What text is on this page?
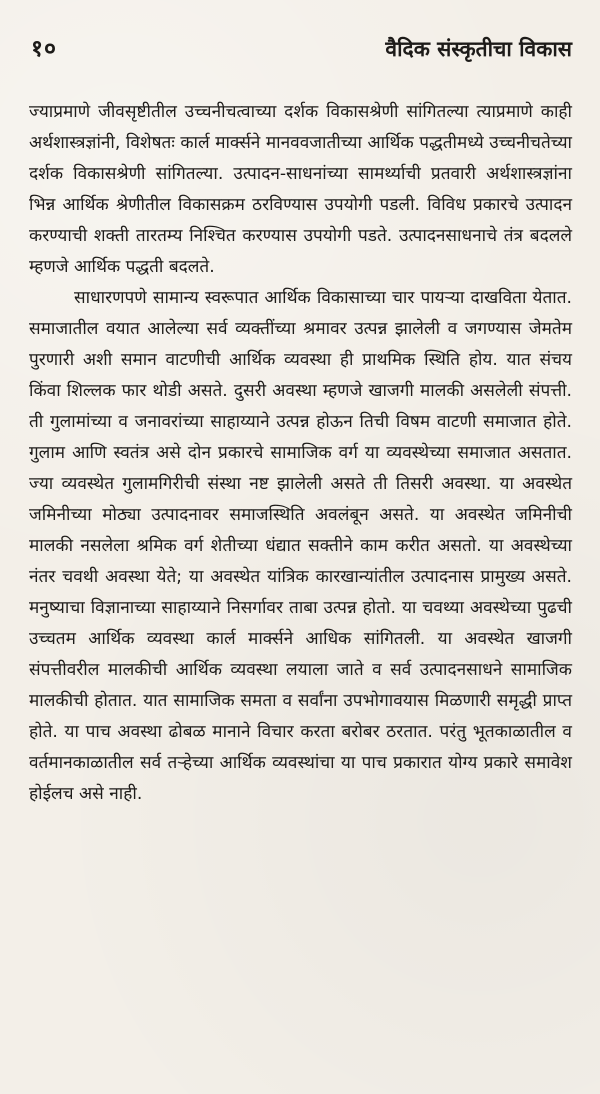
१०	वैदिक संस्कृतीचा विकास

ज्याप्रमाणे जीवसृष्टीतील उच्चनीचत्वाच्या दर्शक विकासश्रेणी सांगितल्या त्याप्रमाणे काही अर्थशास्त्रज्ञांनी, विशेषतः कार्ल मार्क्सने मानववजातीच्या आर्थिक पद्धतीमध्ये उच्चनीचतेच्या दर्शक विकासश्रेणी सांगितल्या. उत्पादन-साधनांच्या सामर्थ्याची प्रतवारी अर्थशास्त्रज्ञांना भिन्न आर्थिक श्रेणीतील विकासक्रम ठरविण्यास उपयोगी पडली. विविध प्रकारचे उत्पादन करण्याची शक्ती तारतम्य निश्चित करण्यास उपयोगी पडते. उत्पादनसाधनाचे तंत्र बदलले म्हणजे आर्थिक पद्धती बदलते.

साधारणपणे सामान्य स्वरूपात आर्थिक विकासाच्या चार पायऱ्या दाखविता येतात. समाजातील वयात आलेल्या सर्व व्यक्तींच्या श्रमावर उत्पन्न झालेली व जगण्यास जेमतेम पुरणारी अशी समान वाटणीची आर्थिक व्यवस्था ही प्राथमिक स्थिति होय. यात संचय किंवा शिल्लक फार थोडी असते. दुसरी अवस्था म्हणजे खाजगी मालकी असलेली संपत्ती. ती गुलामांच्या व जनावरांच्या साहाय्याने उत्पन्न होऊन तिची विषम वाटणी समाजात होते. गुलाम आणि स्वतंत्र असे दोन प्रकारचे सामाजिक वर्ग या व्यवस्थेच्या समाजात असतात. ज्या व्यवस्थेत गुलामगिरीची संस्था नष्ट झालेली असते ती तिसरी अवस्था. या अवस्थेत जमिनीच्या मोठ्या उत्पादनावर समाजस्थिति अवलंबून असते. या अवस्थेत जमिनीची मालकी नसलेला श्रमिक वर्ग शेतीच्या धंद्यात सक्तीने काम करीत असतो. या अवस्थेच्या नंतर चवथी अवस्था येते; या अवस्थेत यांत्रिक कारखान्यांतील उत्पादनास प्रामुख्य असते. मनुष्याचा विज्ञानाच्या साहाय्याने निसर्गावर ताबा उत्पन्न होतो. या चवथ्या अवस्थेच्या पुढची उच्चतम आर्थिक व्यवस्था कार्ल मार्क्सने आधिक सांगितली. या अवस्थेत खाजगी संपत्तीवरील मालकीची आर्थिक व्यवस्था लयाला जाते व सर्व उत्पादनसाधने सामाजिक मालकीची होतात. यात सामाजिक समता व सर्वांना उपभोगावयास मिळणारी समृद्धी प्राप्त होते. या पाच अवस्था ढोबळ मानाने विचार करता बरोबर ठरतात. परंतु भूतकाळातील व वर्तमानकाळातील सर्व तऱ्हेच्या आर्थिक व्यवस्थांचा या पाच प्रकारात योग्य प्रकारे समावेश होईलच असे नाही.
